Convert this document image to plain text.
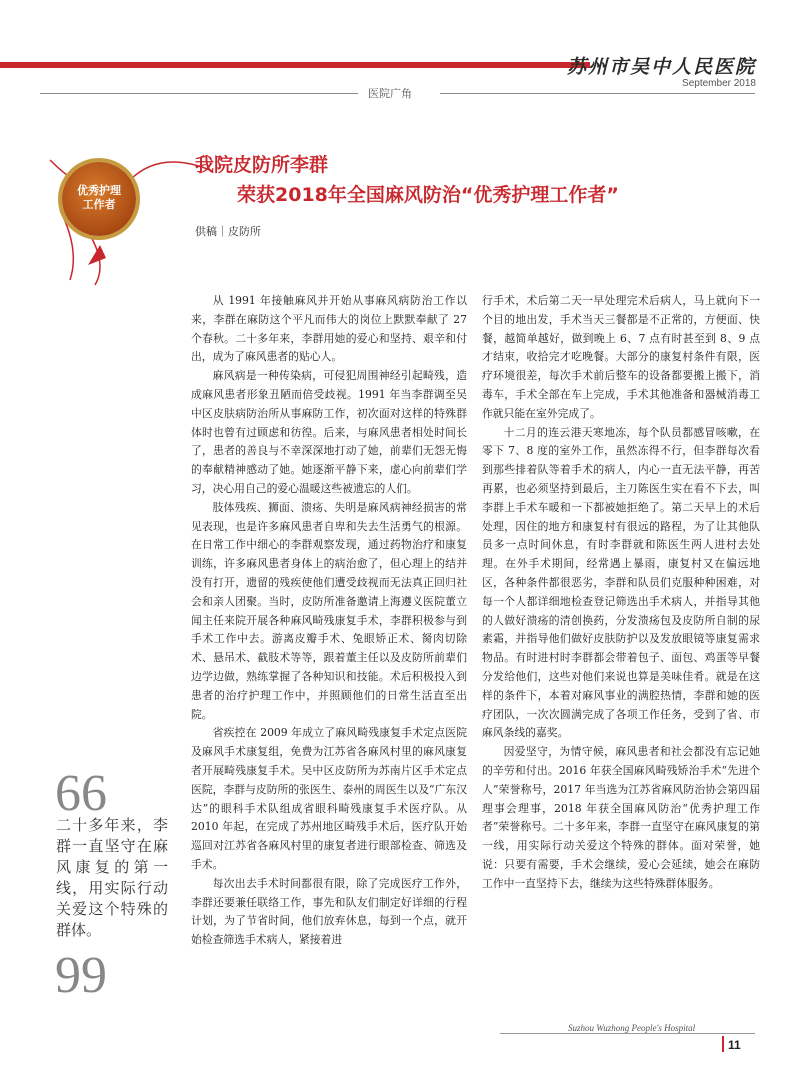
苏州市吴中人民医院
September 2018
医院广角
优秀护理
工作者
我院皮防所李群
荣获2018年全国麻风防治“优秀护理工作者”
供稿｜皮防所

从 1991 年接触麻风并开始从事麻风病防治工作以来，李群在麻防这个平凡而伟大的岗位上默默奉献了 27 个春秋。二十多年来，李群用她的爱心和坚持、艰辛和付出，成为了麻风患者的贴心人。

麻风病是一种传染病，可侵犯周围神经引起畸残，造成麻风患者形象丑陋而倍受歧视。1991 年当李群调至吴中区皮肤病防治所从事麻防工作，初次面对这样的特殊群体时也曾有过顾虑和彷徨。后来，与麻风患者相处时间长了，患者的善良与不幸深深地打动了她，前辈们无怨无悔的奉献精神感动了她。她逐渐平静下来，虚心向前辈们学习，决心用自己的爱心温暖这些被遗忘的人们。

肢体残疾、狮面、溃疡、失明是麻风病神经损害的常见表现，也是许多麻风患者自卑和失去生活勇气的根源。在日常工作中细心的李群观察发现，通过药物治疗和康复训练，许多麻风患者身体上的病治愈了，但心理上的结并没有打开，遗留的残疾使他们遭受歧视而无法真正回归社会和亲人团聚。当时，皮防所准备邀请上海遵义医院董立闻主任来院开展各种麻风畸残康复手术，李群积极参与到手术工作中去。游离皮瓣手术、兔眼矫正术、胬肉切除术、悬吊术、截肢术等等，跟着董主任以及皮防所前辈们边学边做，熟练掌握了各种知识和技能。术后积极投入到患者的治疗护理工作中，并照顾他们的日常生活直至出院。

省疾控在 2009 年成立了麻风畸残康复手术定点医院及麻风手术康复组，免费为江苏省各麻风村里的麻风康复者开展畸残康复手术。吴中区皮防所为苏南片区手术定点医院，李群与皮防所的张医生、泰州的周医生以及“广东汉达”的眼科手术队组成省眼科畸残康复手术医疗队。从 2010 年起，在完成了苏州地区畸残手术后，医疗队开始巡回对江苏省各麻风村里的康复者进行眼部检查、筛选及手术。

每次出去手术时间都很有限，除了完成医疗工作外，李群还要兼任联络工作，事先和队友们制定好详细的行程计划，为了节省时间，他们放弃休息，每到一个点，就开始检查筛选手术病人，紧接着进

行手术，术后第二天一早处理完术后病人，马上就向下一个目的地出发，手术当天三餐都是不正常的，方便面、快餐，越简单越好，做到晚上 6、7 点有时甚至到 8、9 点才结束，收拾完才吃晚餐。大部分的康复村条件有限，医疗环境很差，每次手术前后整车的设备都要搬上搬下，消毒车，手术全部在车上完成，手术其他准备和器械消毒工作就只能在室外完成了。

十二月的连云港天寒地冻，每个队员都感冒咳嗽，在零下 7、8 度的室外工作，虽然冻得不行，但李群每次看到那些排着队等着手术的病人，内心一直无法平静，再苦再累，也必须坚持到最后，主刀陈医生实在看不下去，叫李群上手术车暖和一下都被她拒绝了。第二天早上的术后处理，因住的地方和康复村有很远的路程，为了让其他队员多一点时间休息，有时李群就和陈医生两人进村去处理。在外手术期间，经常遇上暴雨，康复村又在偏远地区，各种条件都很恶劣，李群和队员们克服种种困难，对每一个人都详细地检查登记筛选出手术病人，并指导其他的人做好溃疡的清创换药，分发溃疡包及皮防所自制的尿素霜，并指导他们做好皮肤防护以及发放眼镜等康复需求物品。有时进村时李群都会带着包子、面包、鸡蛋等早餐分发给他们，这些对他们来说也算是美味佳肴。就是在这样的条件下，本着对麻风事业的满腔热情，李群和她的医疗团队，一次次圆满完成了各项工作任务，受到了省、市麻风条线的嘉奖。

因爱坚守，为情守候，麻风患者和社会都没有忘记她的辛劳和付出。2016 年获全国麻风畸残矫治手术“先进个人”荣誉称号，2017 年当选为江苏省麻风防治协会第四届理事会理事，2018 年获全国麻风防治“优秀护理工作者”荣誉称号。二十多年来，李群一直坚守在麻风康复的第一线，用实际行动关爱这个特殊的群体。面对荣誉，她说：只要有需要，手术会继续，爱心会延续，她会在麻防工作中一直坚持下去，继续为这些特殊群体服务。

66
二十多年来，李群一直坚守在麻风康复的第一线，用实际行动关爱这个特殊的群体。
99
Suzhou Wuzhong People's Hospital
11
